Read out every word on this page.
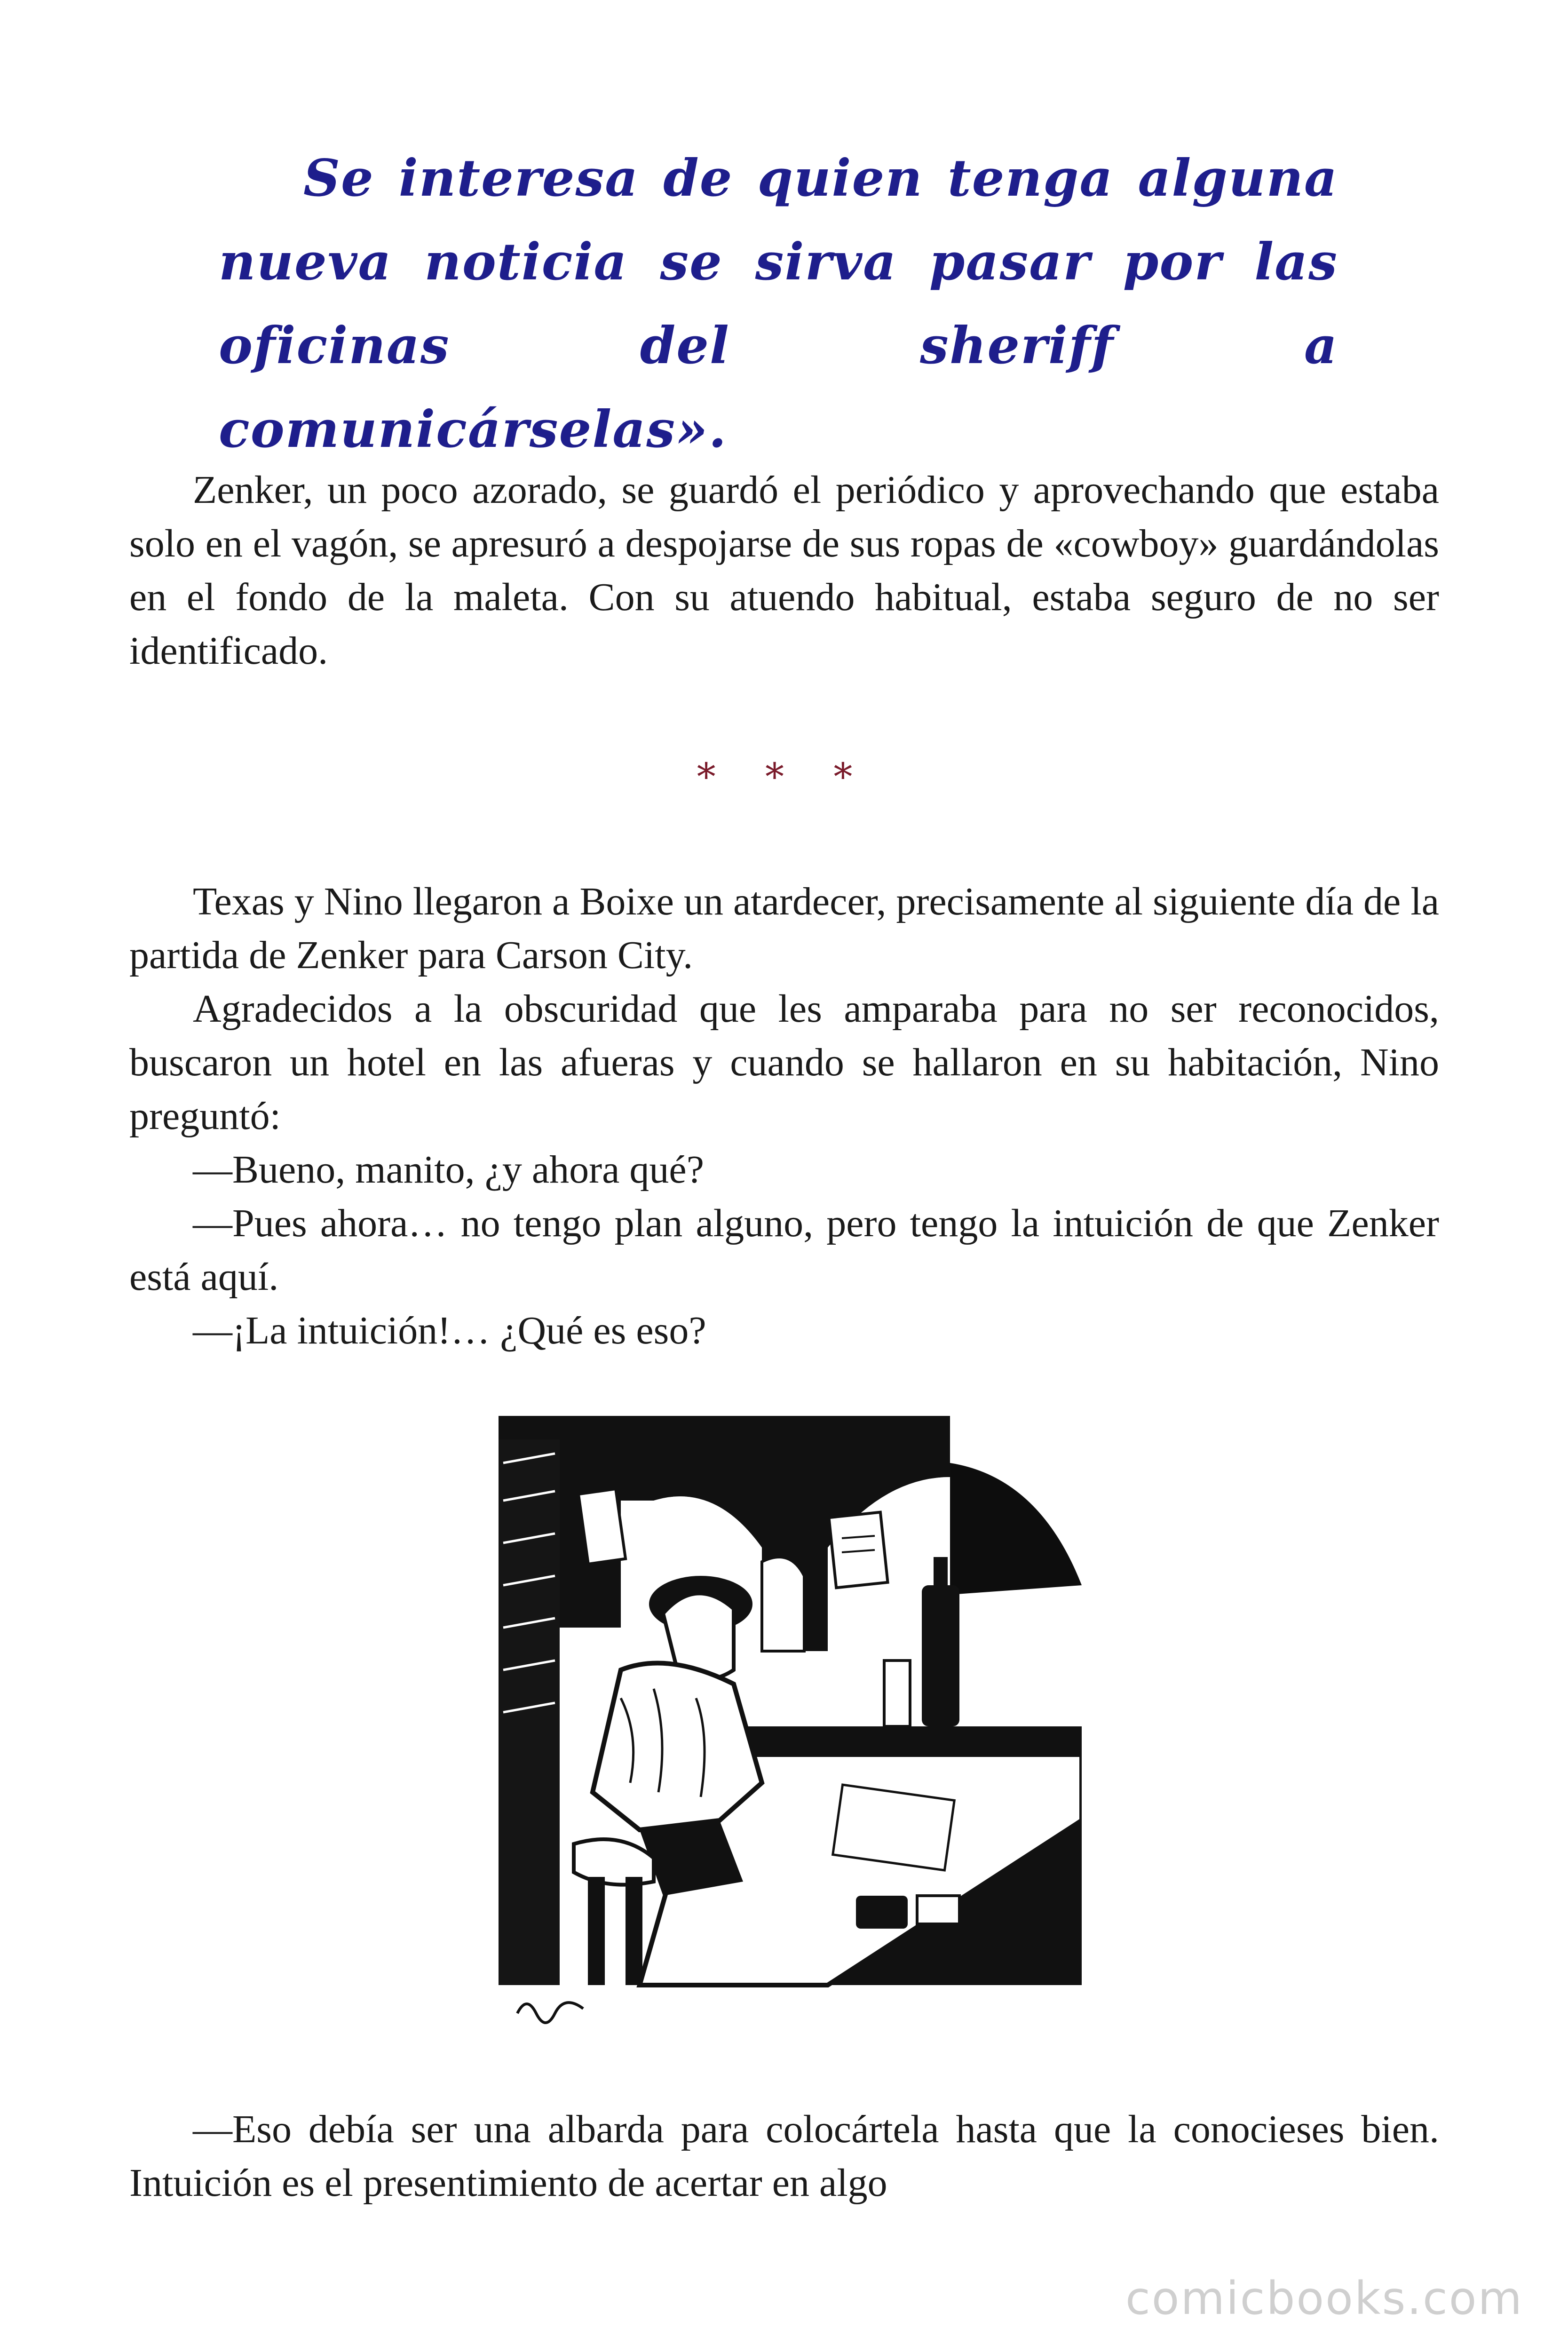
Se interesa de quien tenga alguna nueva noticia se sirva pasar por las oficinas del sheriff a comunicárselas».

Zenker, un poco azorado, se guardó el periódico y aprovechando que estaba solo en el vagón, se apresuró a despojarse de sus ropas de «cowboy» guardándolas en el fondo de la maleta. Con su atuendo habitual, estaba seguro de no ser identificado.

* * *

Texas y Nino llegaron a Boixe un atardecer, precisamente al siguiente día de la partida de Zenker para Carson City.

Agradecidos a la obscuridad que les amparaba para no ser reconocidos, buscaron un hotel en las afueras y cuando se hallaron en su habitación, Nino preguntó:

—Bueno, manito, ¿y ahora qué?

—Pues ahora… no tengo plan alguno, pero tengo la intuición de que Zenker está aquí.

—¡La intuición!… ¿Qué es eso?

—Eso debía ser una albarda para colocártela hasta que la conocieses bien. Intuición es el presentimiento de acertar en algo

comicbooks.com
